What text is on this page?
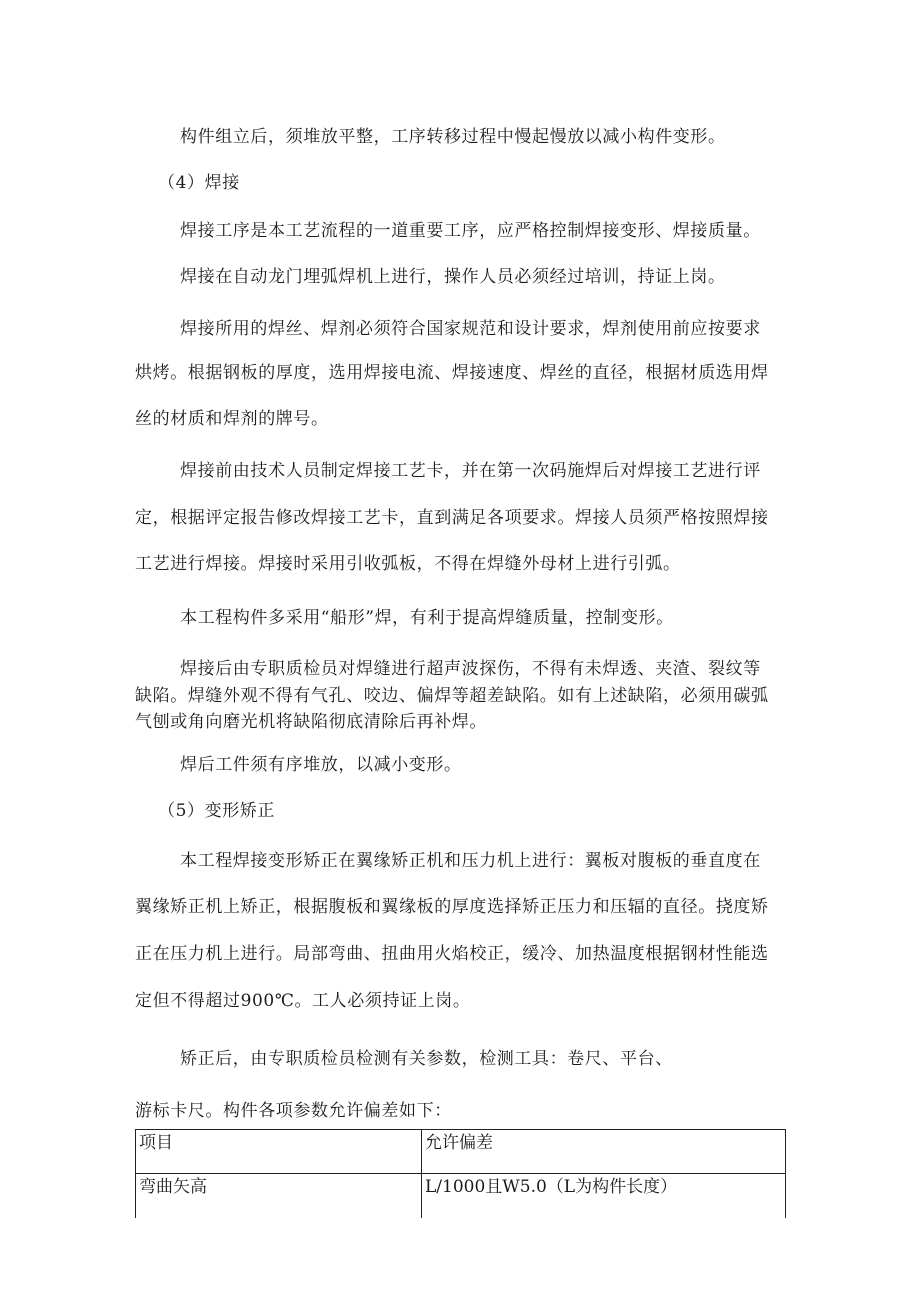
构件组立后，须堆放平整，工序转移过程中慢起慢放以减小构件变形。
（4）焊接
焊接工序是本工艺流程的一道重要工序，应严格控制焊接变形、焊接质量。
焊接在自动龙门埋弧焊机上进行，操作人员必须经过培训，持证上岗。
焊接所用的焊丝、焊剂必须符合国家规范和设计要求，焊剂使用前应按要求
烘烤。根据钢板的厚度，选用焊接电流、焊接速度、焊丝的直径，根据材质选用焊
丝的材质和焊剂的牌号。
焊接前由技术人员制定焊接工艺卡，并在第一次码施焊后对焊接工艺进行评
定，根据评定报告修改焊接工艺卡，直到满足各项要求。焊接人员须严格按照焊接
工艺进行焊接。焊接时采用引收弧板，不得在焊缝外母材上进行引弧。
本工程构件多采用“船形”焊，有利于提高焊缝质量，控制变形。
焊接后由专职质检员对焊缝进行超声波探伤，不得有未焊透、夹渣、裂纹等
缺陷。焊缝外观不得有气孔、咬边、偏焊等超差缺陷。如有上述缺陷，必须用碳弧
气刨或角向磨光机将缺陷彻底清除后再补焊。
焊后工件须有序堆放，以减小变形。
（5）变形矫正
本工程焊接变形矫正在翼缘矫正机和压力机上进行：翼板对腹板的垂直度在
翼缘矫正机上矫正，根据腹板和翼缘板的厚度选择矫正压力和压辐的直径。挠度矫
正在压力机上进行。局部弯曲、扭曲用火焰校正，缓冷、加热温度根据钢材性能选
定但不得超过900℃。工人必须持证上岗。
矫正后，由专职质检员检测有关参数，检测工具：卷尺、平台、
游标卡尺。构件各项参数允许偏差如下：
项目	允许偏差
弯曲矢高	L/1000且W5.0（L为构件长度）
